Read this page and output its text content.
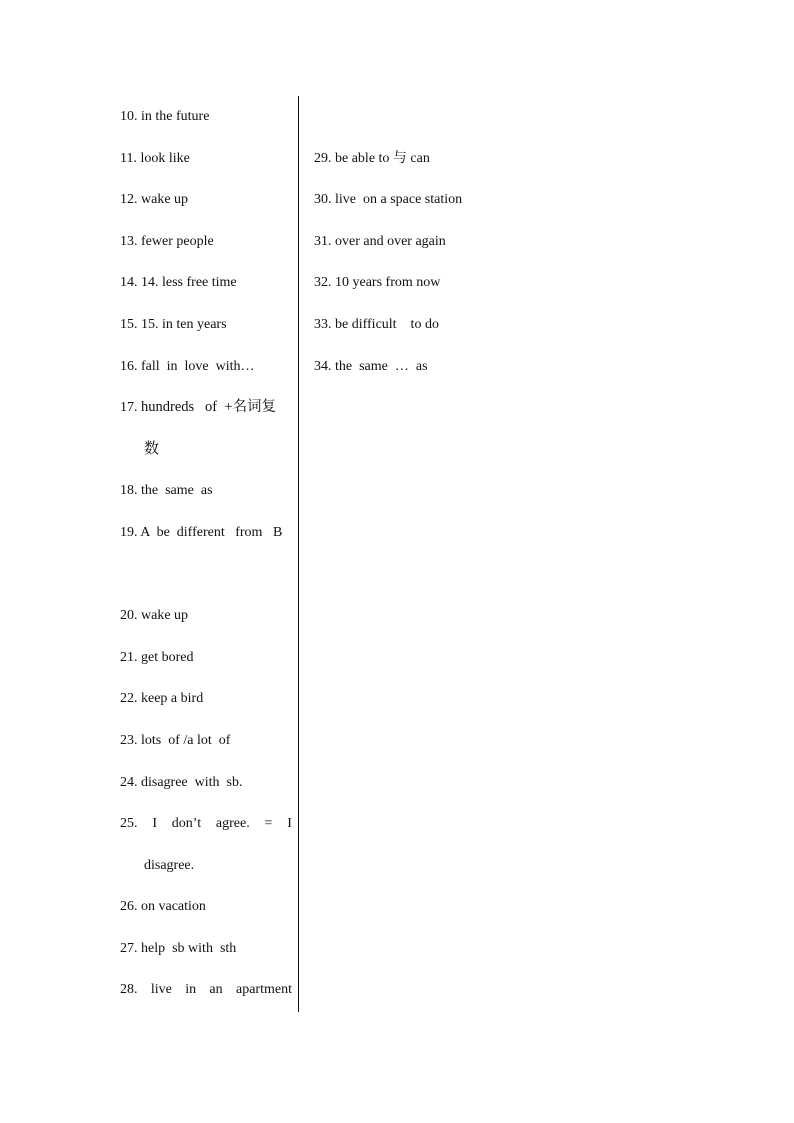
10. in the future
11. look like
12. wake up
13. fewer people
14. 14. less free time
15. 15. in ten years
16. fall  in  love  with…
17. hundreds   of  +名词复
数
18. the  same  as
19. A  be  different   from   B
20. wake up
21. get bored
22. keep a bird
23. lots  of /a lot  of
24. disagree  with  sb.
25. I don’t agree. = I
disagree.
26. on vacation
27. help  sb with  sth
28. live in an apartment
29. be able to 与 can
30. live  on a space station
31. over and over again
32. 10 years from now
33. be difficult    to do
34. the  same  …  as
